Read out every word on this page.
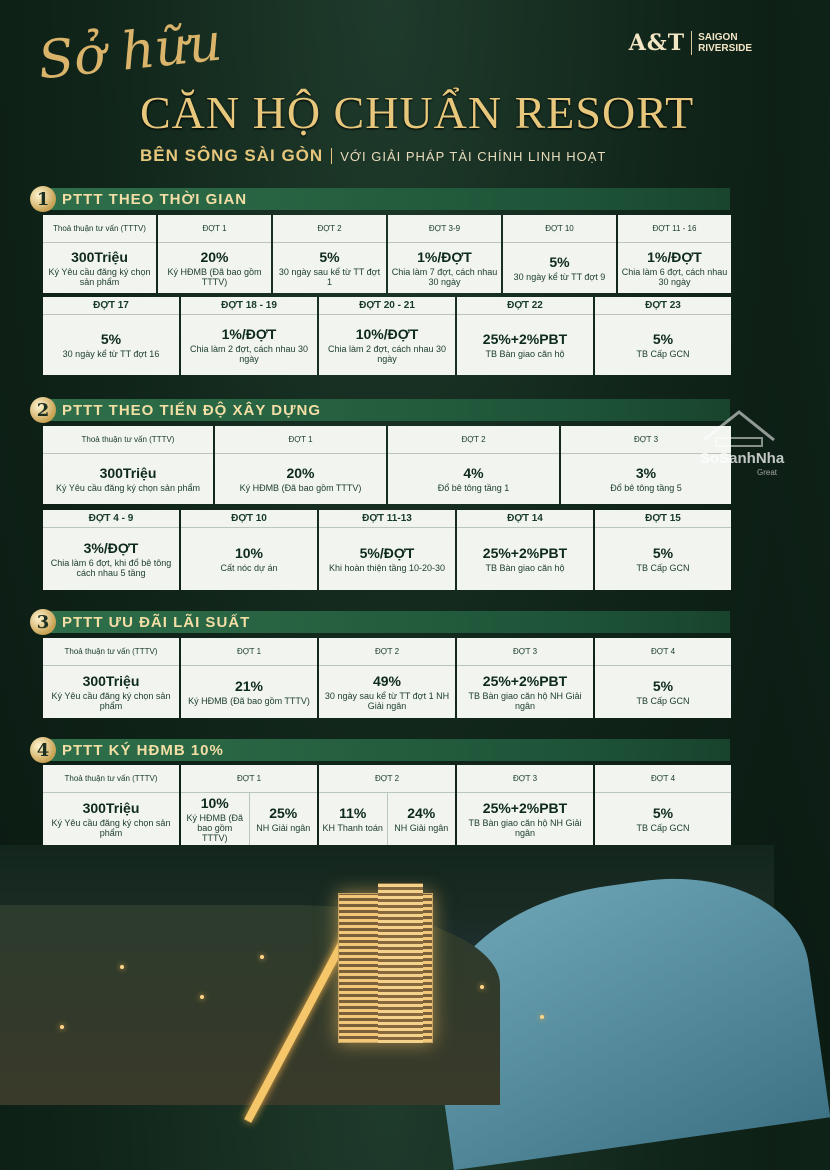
Sở hữu
CĂN HỘ CHUẨN RESORT
BÊN SÔNG SÀI GÒN VỚI GIẢI PHÁP TÀI CHÍNH LINH HOẠT
A&T SAIGON
RIVERSIDE
1 PTTT THEO THỜI GIAN
Thoả thuận tư vấn (TTTV)
300Triệu
Ký Yêu cầu đăng ký chọn sản phẩm
ĐỢT 1
20%
Ký HĐMB (Đã bao gồm TTTV)
ĐỢT 2
5%
30 ngày sau kể từ TT đợt 1
ĐỢT 3-9
1%/ĐỢT
Chia làm 7 đợt, cách nhau 30 ngày
ĐỢT 10
5%
30 ngày kể từ TT đợt 9
ĐỢT 11 - 16
1%/ĐỢT
Chia làm 6 đợt, cách nhau 30 ngày
ĐỢT 17
5%
30 ngày kể từ TT đợt 16
ĐỢT 18 - 19
1%/ĐỢT
Chia làm 2 đợt, cách nhau 30 ngày
ĐỢT 20 - 21
10%/ĐỢT
Chia làm 2 đợt, cách nhau 30 ngày
ĐỢT 22
25%+2%PBT
TB Bàn giao căn hộ
ĐỢT 23
5%
TB Cấp GCN
2 PTTT THEO TIẾN ĐỘ XÂY DỰNG
Thoả thuận tư vấn (TTTV)
300Triệu
Ký Yêu cầu đăng ký chọn sản phẩm
ĐỢT 1
20%
Ký HĐMB (Đã bao gồm TTTV)
ĐỢT 2
4%
Đổ bê tông tầng 1
ĐỢT 3
3%
Đổ bê tông tầng 5
ĐỢT 4 - 9
3%/ĐỢT
Chia làm 6 đợt, khi đổ bê tông cách nhau 5 tầng
ĐỢT 10
10%
Cất nóc dự án
ĐỢT 11-13
5%/ĐỢT
Khi hoàn thiện tầng 10-20-30
ĐỢT 14
25%+2%PBT
TB Bàn giao căn hộ
ĐỢT 15
5%
TB Cấp GCN
3 PTTT ƯU ĐÃI LÃI SUẤT
Thoả thuận tư vấn (TTTV)
300Triệu
Ký Yêu cầu đăng ký chọn sản phẩm
ĐỢT 1
21%
Ký HĐMB (Đã bao gồm TTTV)
ĐỢT 2
49%
30 ngày sau kể từ TT đợt 1 NH Giải ngân
ĐỢT 3
25%+2%PBT
TB Bàn giao căn hộ NH Giải ngân
ĐỢT 4
5%
TB Cấp GCN
4 PTTT KÝ HĐMB 10%
Thoả thuận tư vấn (TTTV)
300Triệu
Ký Yêu cầu đăng ký chọn sản phẩm
ĐỢT 1
10%
Ký HĐMB (Đã bao gồm TTTV)
25%
NH Giải ngân
ĐỢT 2
11%
KH Thanh toán
24%
NH Giải ngân
ĐỢT 3
25%+2%PBT
TB Bàn giao căn hộ NH Giải ngân
ĐỢT 4
5%
TB Cấp GCN
SoSanhNha
Great
